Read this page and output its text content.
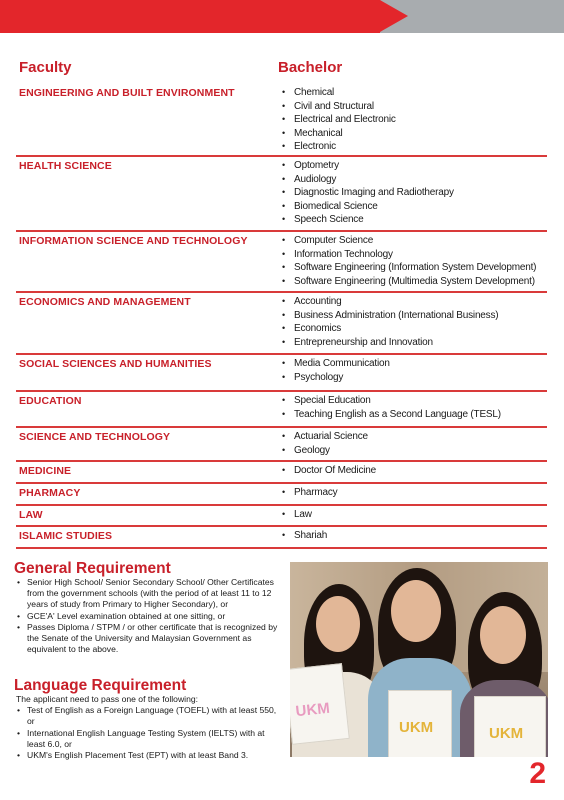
Faculty	Bachelor
ENGINEERING AND BUILT ENVIRONMENT	• Chemical
• Civil and Structural
• Electrical and Electronic
• Mechanical
• Electronic
HEALTH SCIENCE	• Optometry
• Audiology
• Diagnostic Imaging and Radiotherapy
• Biomedical Science
• Speech Science
INFORMATION SCIENCE AND TECHNOLOGY	• Computer Science
• Information Technology
• Software Engineering (Information System Development)
• Software Engineering (Multimedia System Development)
ECONOMICS AND MANAGEMENT	• Accounting
• Business Administration (International Business)
• Economics
• Entrepreneurship and Innovation
SOCIAL SCIENCES AND HUMANITIES	• Media Communication
• Psychology
EDUCATION	• Special Education
• Teaching English as a Second Language (TESL)
SCIENCE AND TECHNOLOGY	• Actuarial Science
• Geology
MEDICINE	• Doctor Of Medicine
PHARMACY	• Pharmacy
LAW	• Law
ISLAMIC STUDIES	• Shariah
General Requirement
• Senior High School/ Senior Secondary School/ Other Certificates from the government schools (with the period of at least 11 to 12 years of study from Primary to Higher Secondary), or
• GCE'A' Level examination obtained at one sitting, or
• Passes Diploma / STPM / or other certificate that is recognized by the Senate of the University and Malaysian Government as equivalent to the above.
Language Requirement
The applicant need to pass one of the following:
• Test of English as a Foreign Language (TOEFL) with at least 550, or
• International English Language Testing System (IELTS) with at least 6.0, or
• UKM's English Placement Test (EPT) with at least Band 3.
UKM
UKM	UKM
2
